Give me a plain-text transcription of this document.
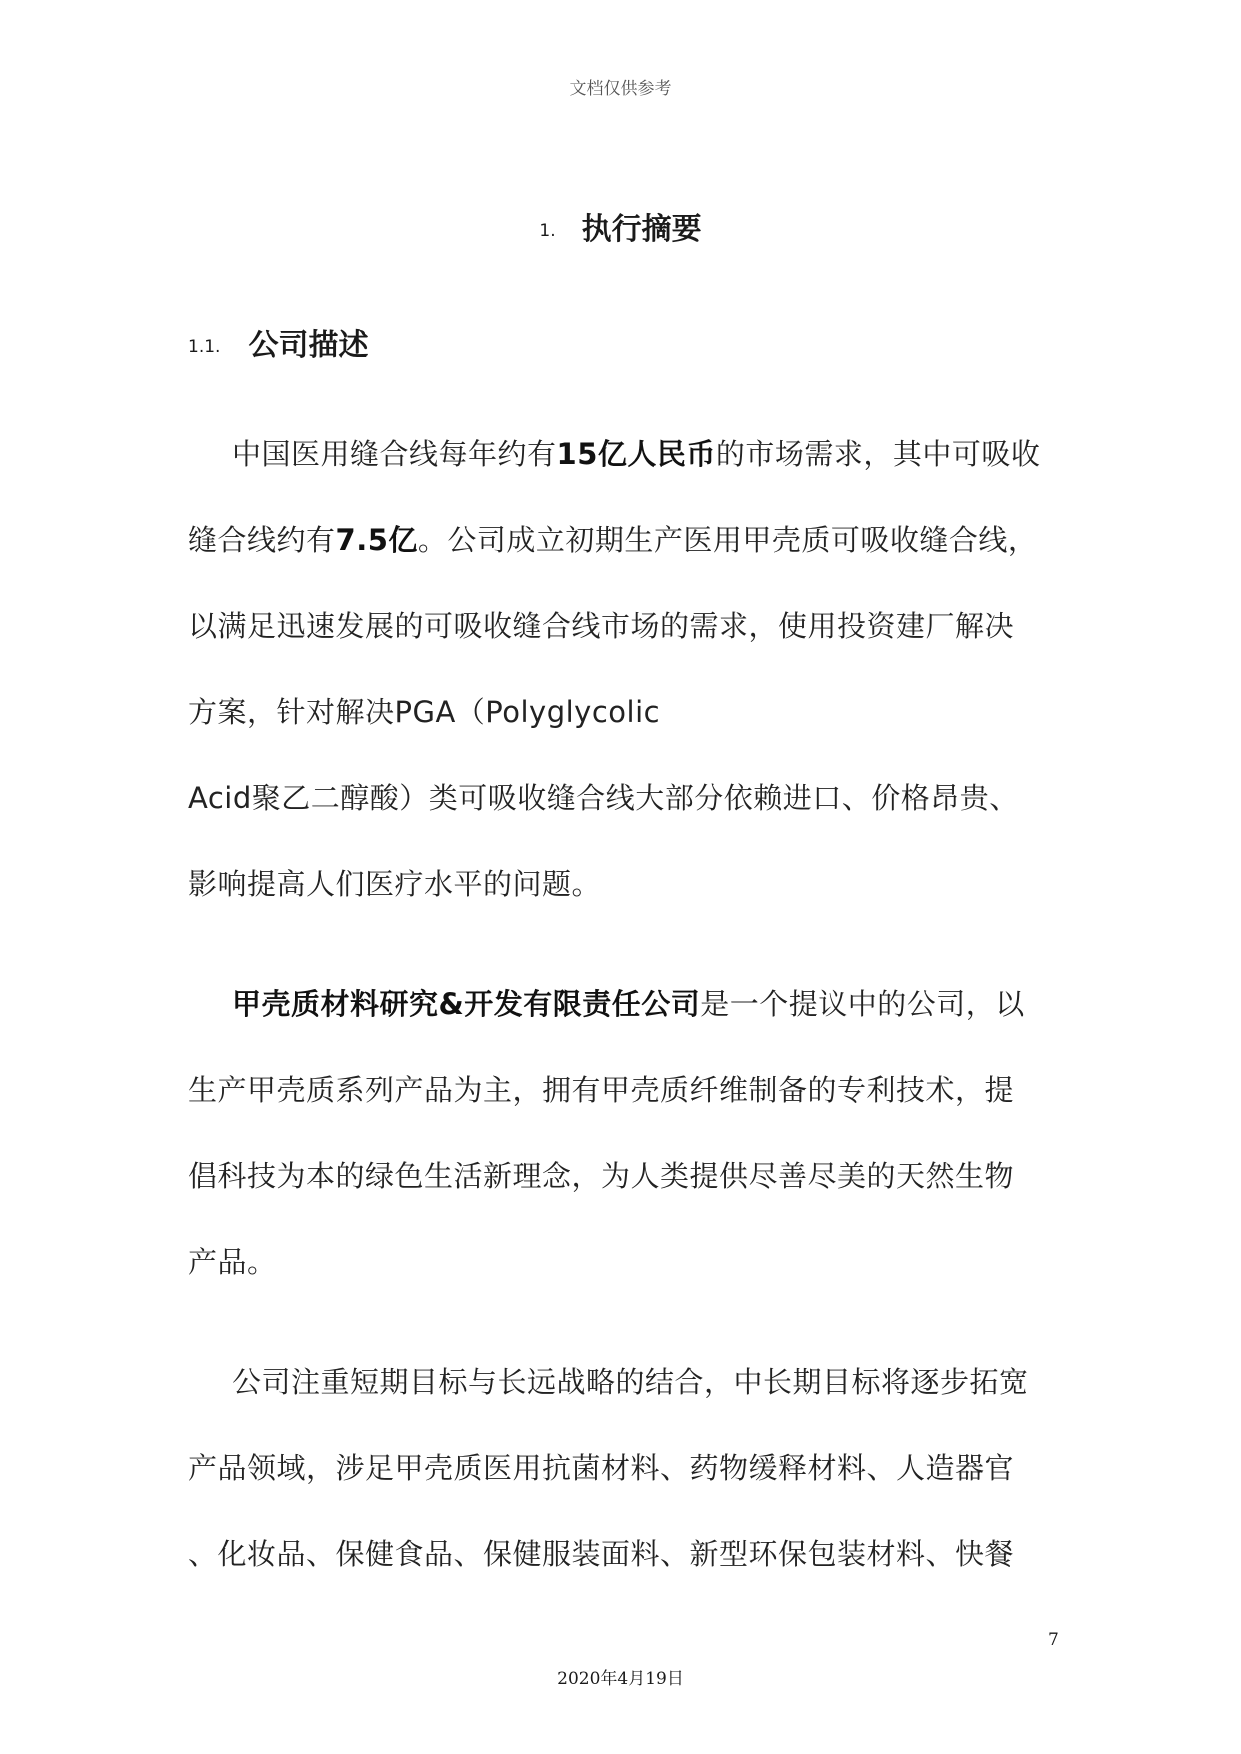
文档仅供参考
1. 执行摘要
1.1. 公司描述
中国医用缝合线每年约有15亿人民币的市场需求，其中可吸收
缝合线约有7.5亿。公司成立初期生产医用甲壳质可吸收缝合线，
以满足迅速发展的可吸收缝合线市场的需求，使用投资建厂解决
方案，针对解决PGA（Polyglycolic
Acid聚乙二醇酸）类可吸收缝合线大部分依赖进口、价格昂贵、
影响提高人们医疗水平的问题。
甲壳质材料研究&开发有限责任公司是一个提议中的公司，以
生产甲壳质系列产品为主，拥有甲壳质纤维制备的专利技术，提
倡科技为本的绿色生活新理念，为人类提供尽善尽美的天然生物
产品。
公司注重短期目标与长远战略的结合，中长期目标将逐步拓宽
产品领域，涉足甲壳质医用抗菌材料、药物缓释材料、人造器官
、化妆品、保健食品、保健服装面料、新型环保包装材料、快餐
7
2020年4月19日
